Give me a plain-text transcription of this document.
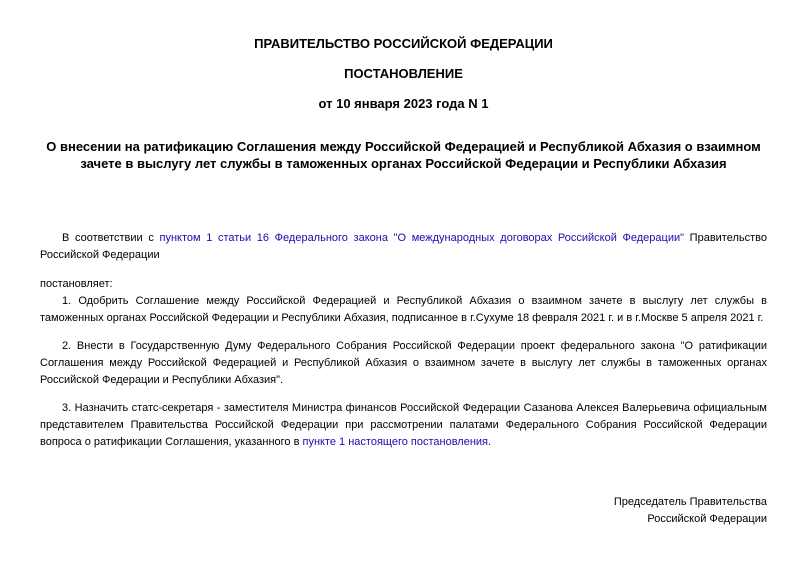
ПРАВИТЕЛЬСТВО РОССИЙСКОЙ ФЕДЕРАЦИИ
ПОСТАНОВЛЕНИЕ
от 10 января 2023 года N 1
О внесении на ратификацию Соглашения между Российской Федерацией и Республикой Абхазия о взаимном зачете в выслугу лет службы в таможенных органах Российской Федерации и Республики Абхазия
В соответствии с пунктом 1 статьи 16 Федерального закона "О международных договорах Российской Федерации" Правительство Российской Федерации
постановляет:
1. Одобрить Соглашение между Российской Федерацией и Республикой Абхазия о взаимном зачете в выслугу лет службы в таможенных органах Российской Федерации и Республики Абхазия, подписанное в г.Сухуме 18 февраля 2021 г. и в г.Москве 5 апреля 2021 г.
2. Внести в Государственную Думу Федерального Собрания Российской Федерации проект федерального закона "О ратификации Соглашения между Российской Федерацией и Республикой Абхазия о взаимном зачете в выслугу лет службы в таможенных органах Российской Федерации и Республики Абхазия".
3. Назначить статс-секретаря - заместителя Министра финансов Российской Федерации Сазанова Алексея Валерьевича официальным представителем Правительства Российской Федерации при рассмотрении палатами Федерального Собрания Российской Федерации вопроса о ратификации Соглашения, указанного в пункте 1 настоящего постановления.
Председатель Правительства
Российской Федерации
